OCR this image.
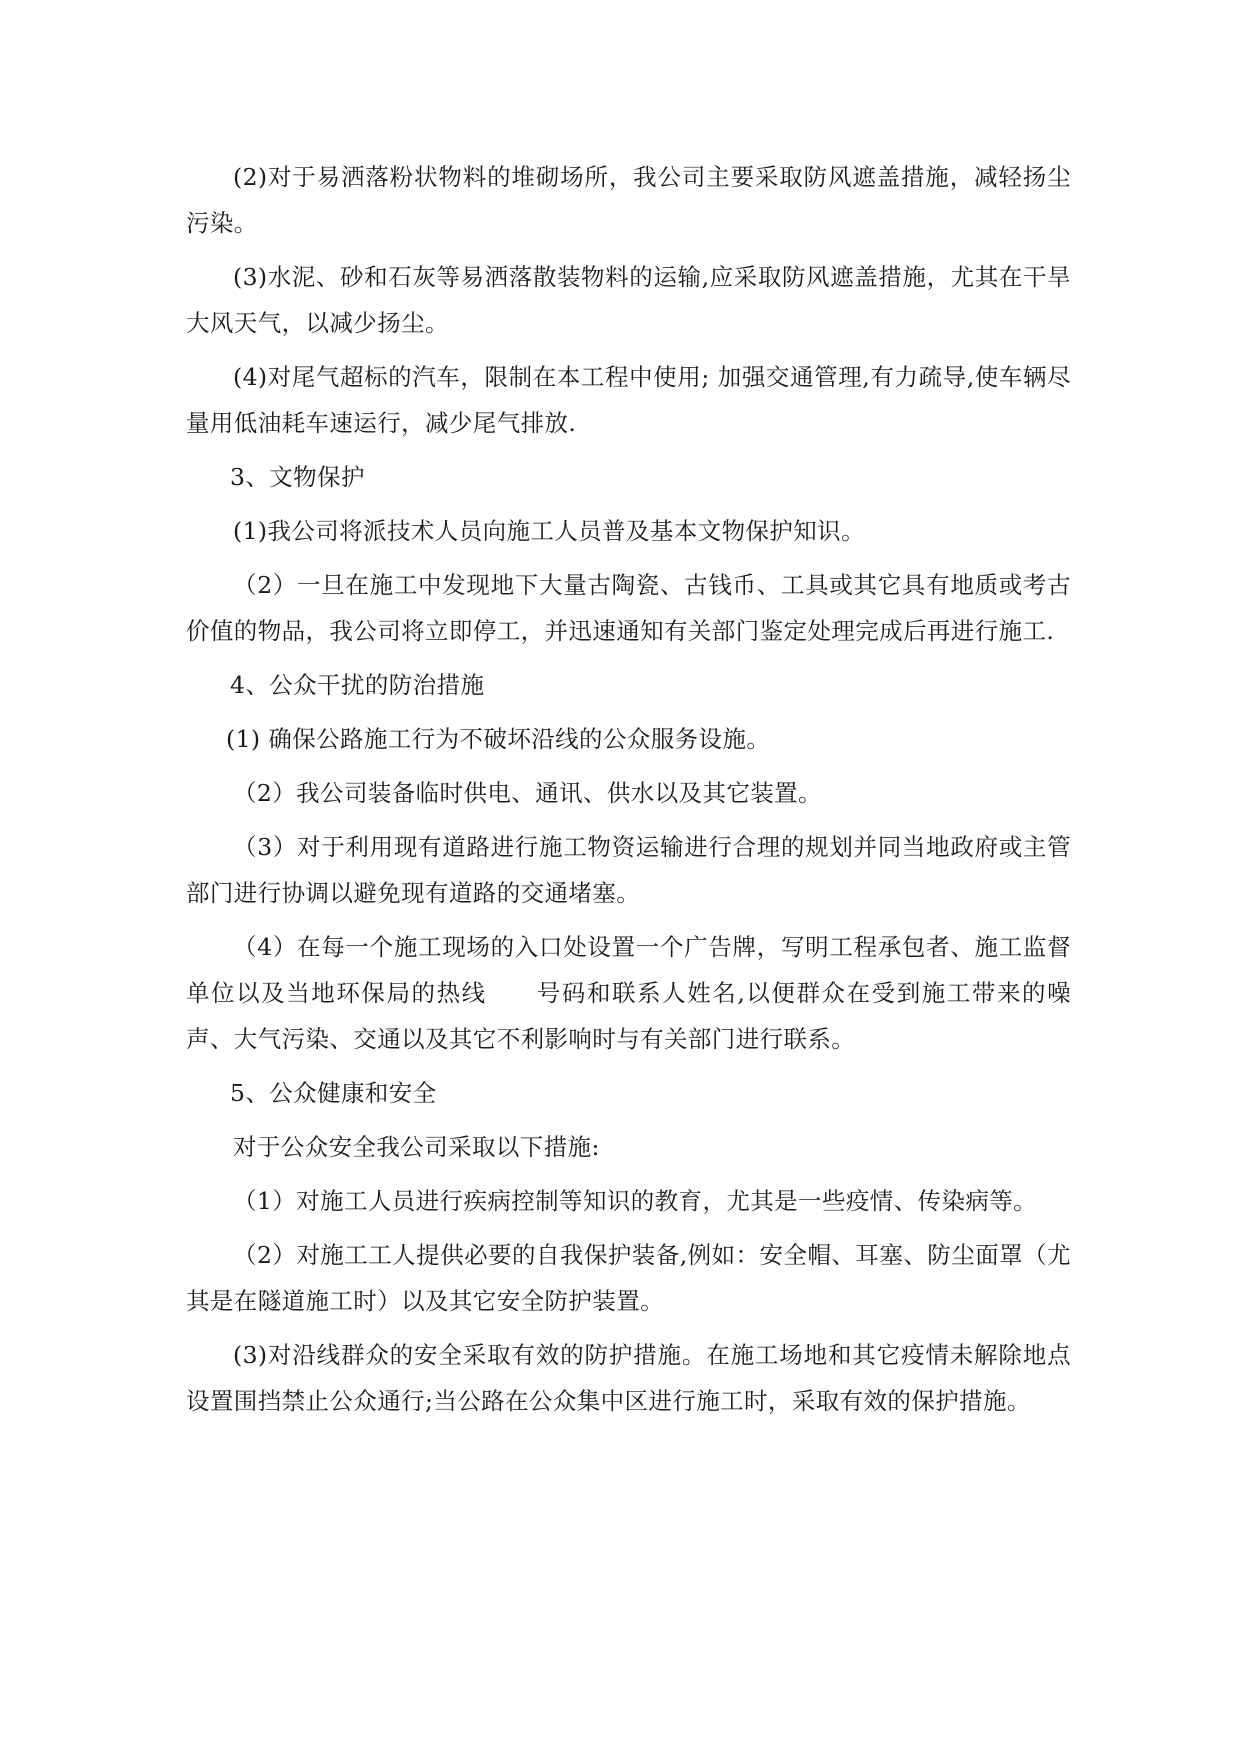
(2)对于易洒落粉状物料的堆砌场所，我公司主要采取防风遮盖措施，减轻扬尘污染。

(3)水泥、砂和石灰等易洒落散装物料的运输,应采取防风遮盖措施，尤其在干旱大风天气，以减少扬尘。

(4)对尾气超标的汽车，限制在本工程中使用; 加强交通管理,有力疏导,使车辆尽量用低油耗车速运行，减少尾气排放.

3、文物保护

(1)我公司将派技术人员向施工人员普及基本文物保护知识。

（2）一旦在施工中发现地下大量古陶瓷、古钱币、工具或其它具有地质或考古价值的物品，我公司将立即停工，并迅速通知有关部门鉴定处理完成后再进行施工.

4、公众干扰的防治措施

(1) 确保公路施工行为不破坏沿线的公众服务设施。

（2）我公司装备临时供电、通讯、供水以及其它装置。

（3）对于利用现有道路进行施工物资运输进行合理的规划并同当地政府或主管部门进行协调以避免现有道路的交通堵塞。

（4）在每一个施工现场的入口处设置一个广告牌，写明工程承包者、施工监督单位以及当地环保局的热线　　号码和联系人姓名,以便群众在受到施工带来的噪声、大气污染、交通以及其它不利影响时与有关部门进行联系。

5、公众健康和安全

对于公众安全我公司采取以下措施:

（1）对施工人员进行疾病控制等知识的教育，尤其是一些疫情、传染病等。

（2）对施工工人提供必要的自我保护装备,例如：安全帽、耳塞、防尘面罩（尤其是在隧道施工时）以及其它安全防护装置。

(3)对沿线群众的安全采取有效的防护措施。在施工场地和其它疫情未解除地点设置围挡禁止公众通行;当公路在公众集中区进行施工时，采取有效的保护措施。
